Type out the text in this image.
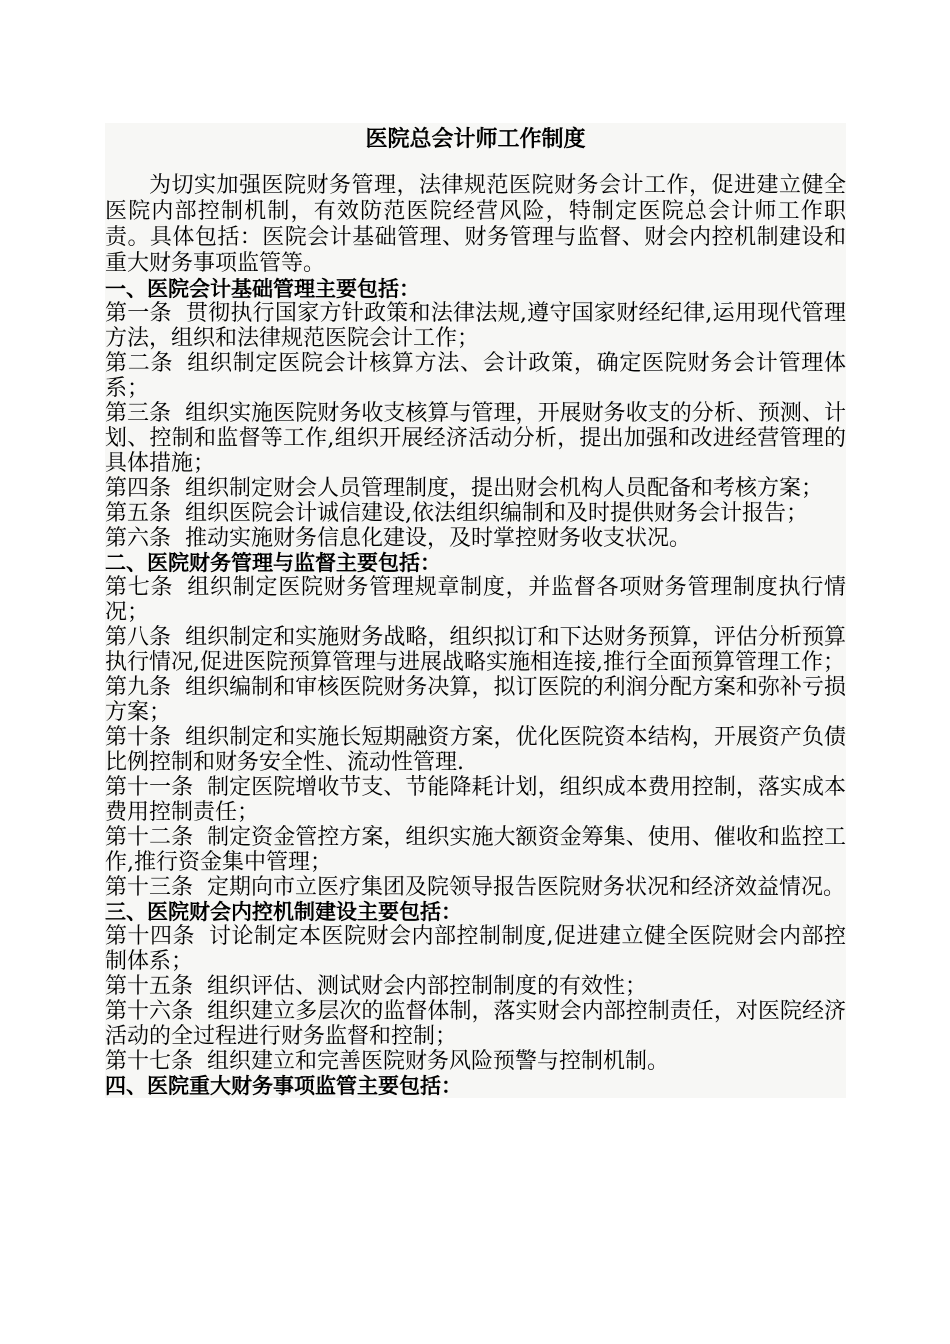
医院总会计师工作制度

为切实加强医院财务管理，法律规范医院财务会计工作，促进建立健全医院内部控制机制，有效防范医院经营风险，特制定医院总会计师工作职责。具体包括：医院会计基础管理、财务管理与监督、财会内控机制建设和重大财务事项监管等。

一、医院会计基础管理主要包括：

第一条 贯彻执行国家方针政策和法律法规,遵守国家财经纪律,运用现代管理方法，组织和法律规范医院会计工作；

第二条 组织制定医院会计核算方法、会计政策，确定医院财务会计管理体系；

第三条 组织实施医院财务收支核算与管理，开展财务收支的分析、预测、计划、控制和监督等工作,组织开展经济活动分析，提出加强和改进经营管理的具体措施；

第四条 组织制定财会人员管理制度，提出财会机构人员配备和考核方案；

第五条 组织医院会计诚信建设,依法组织编制和及时提供财务会计报告；

第六条 推动实施财务信息化建设，及时掌控财务收支状况。

二、医院财务管理与监督主要包括：

第七条 组织制定医院财务管理规章制度，并监督各项财务管理制度执行情况；

第八条 组织制定和实施财务战略，组织拟订和下达财务预算，评估分析预算执行情况,促进医院预算管理与进展战略实施相连接,推行全面预算管理工作；

第九条 组织编制和审核医院财务决算，拟订医院的利润分配方案和弥补亏损方案；

第十条 组织制定和实施长短期融资方案，优化医院资本结构，开展资产负债比例控制和财务安全性、流动性管理.

第十一条 制定医院增收节支、节能降耗计划，组织成本费用控制，落实成本费用控制责任；

第十二条 制定资金管控方案，组织实施大额资金筹集、使用、催收和监控工作,推行资金集中管理；

第十三条 定期向市立医疗集团及院领导报告医院财务状况和经济效益情况。

三、医院财会内控机制建设主要包括：

第十四条 讨论制定本医院财会内部控制制度,促进建立健全医院财会内部控制体系；

第十五条 组织评估、测试财会内部控制制度的有效性；

第十六条 组织建立多层次的监督体制，落实财会内部控制责任，对医院经济活动的全过程进行财务监督和控制；

第十七条 组织建立和完善医院财务风险预警与控制机制。

四、医院重大财务事项监管主要包括：
